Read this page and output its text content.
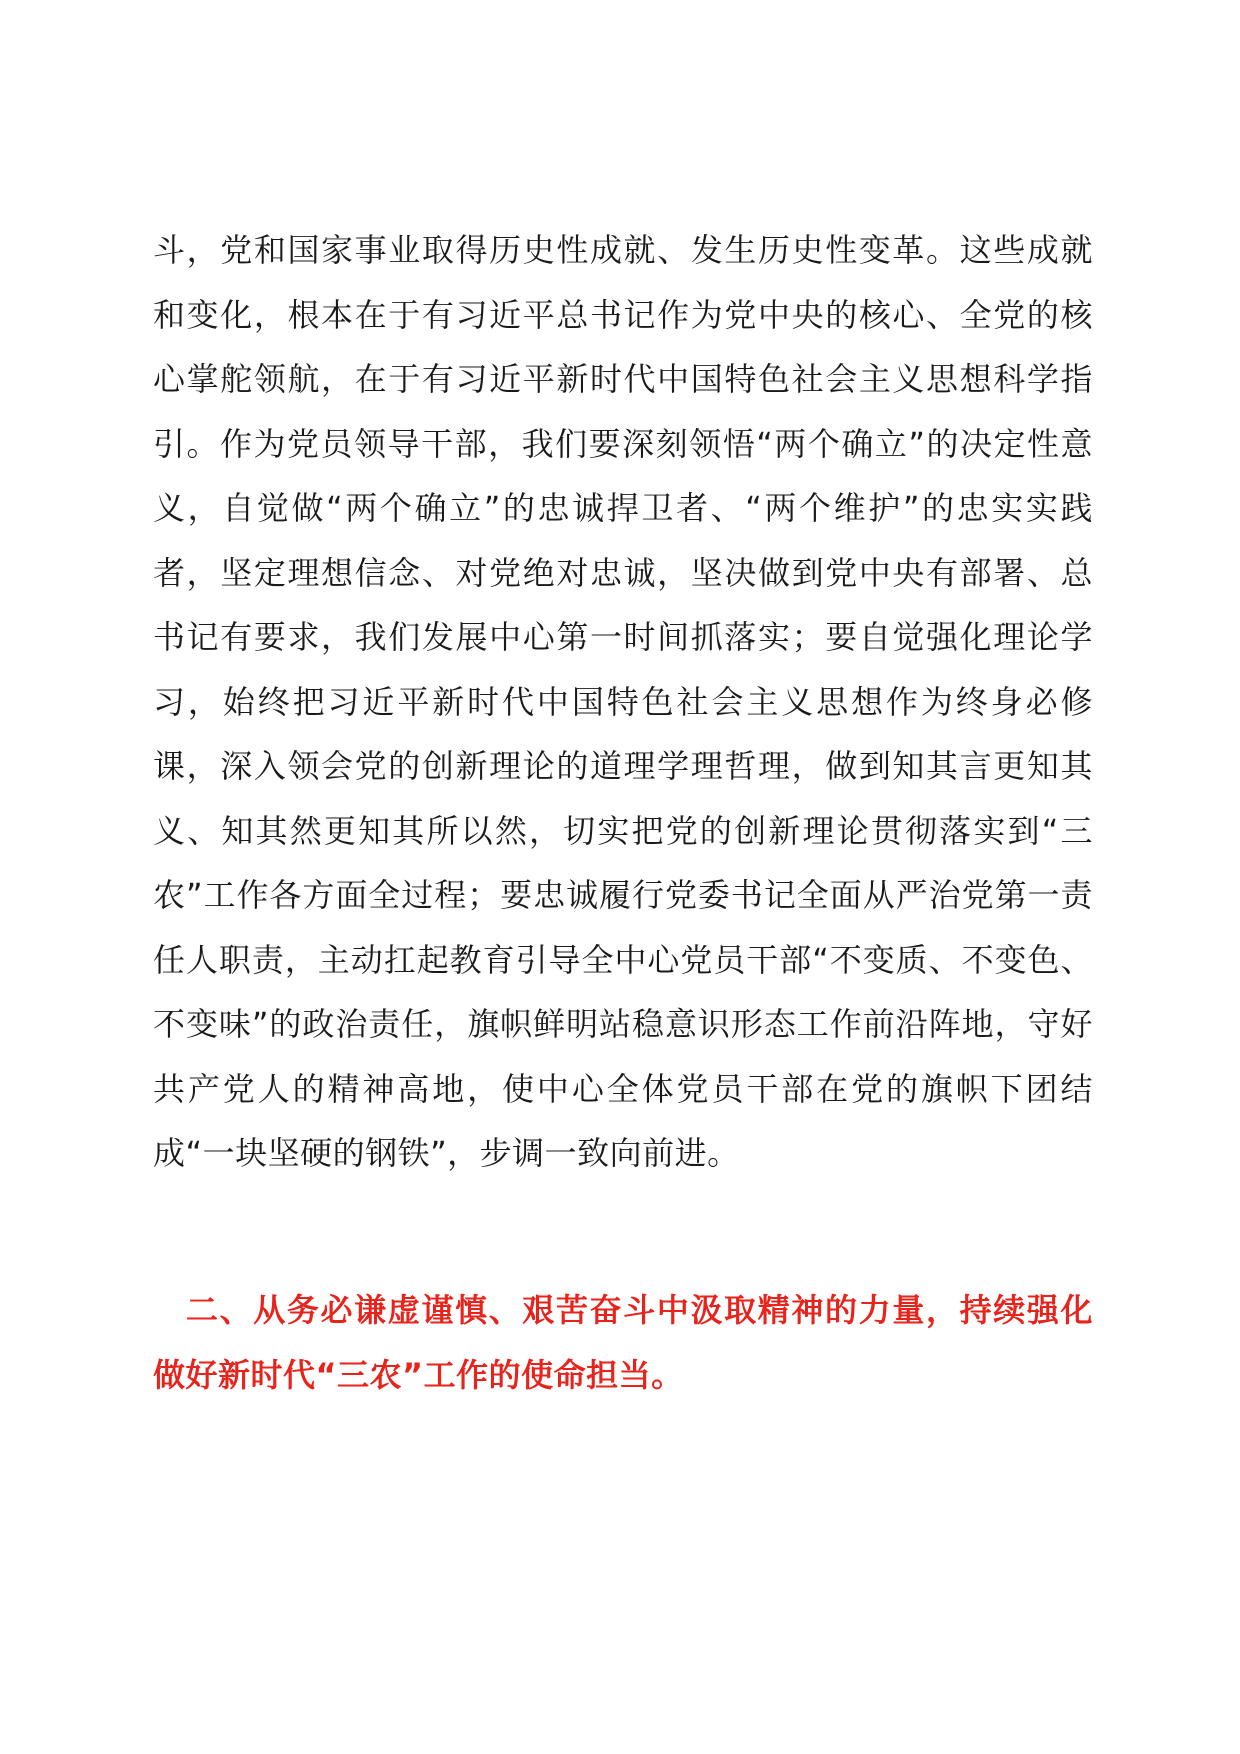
斗，党和国家事业取得历史性成就、发生历史性变革。这些成就和变化，根本在于有习近平总书记作为党中央的核心、全党的核心掌舵领航，在于有习近平新时代中国特色社会主义思想科学指引。作为党员领导干部，我们要深刻领悟“两个确立”的决定性意义，自觉做“两个确立”的忠诚捍卫者、“两个维护”的忠实实践者，坚定理想信念、对党绝对忠诚，坚决做到党中央有部署、总书记有要求，我们发展中心第一时间抓落实；要自觉强化理论学习，始终把习近平新时代中国特色社会主义思想作为终身必修课，深入领会党的创新理论的道理学理哲理，做到知其言更知其义、知其然更知其所以然，切实把党的创新理论贯彻落实到“三农”工作各方面全过程；要忠诚履行党委书记全面从严治党第一责任人职责，主动扛起教育引导全中心党员干部“不变质、不变色、不变味”的政治责任，旗帜鲜明站稳意识形态工作前沿阵地，守好共产党人的精神高地，使中心全体党员干部在党的旗帜下团结成“一块坚硬的钢铁”，步调一致向前进。

二、从务必谦虚谨慎、艰苦奋斗中汲取精神的力量，持续强化做好新时代“三农”工作的使命担当。
